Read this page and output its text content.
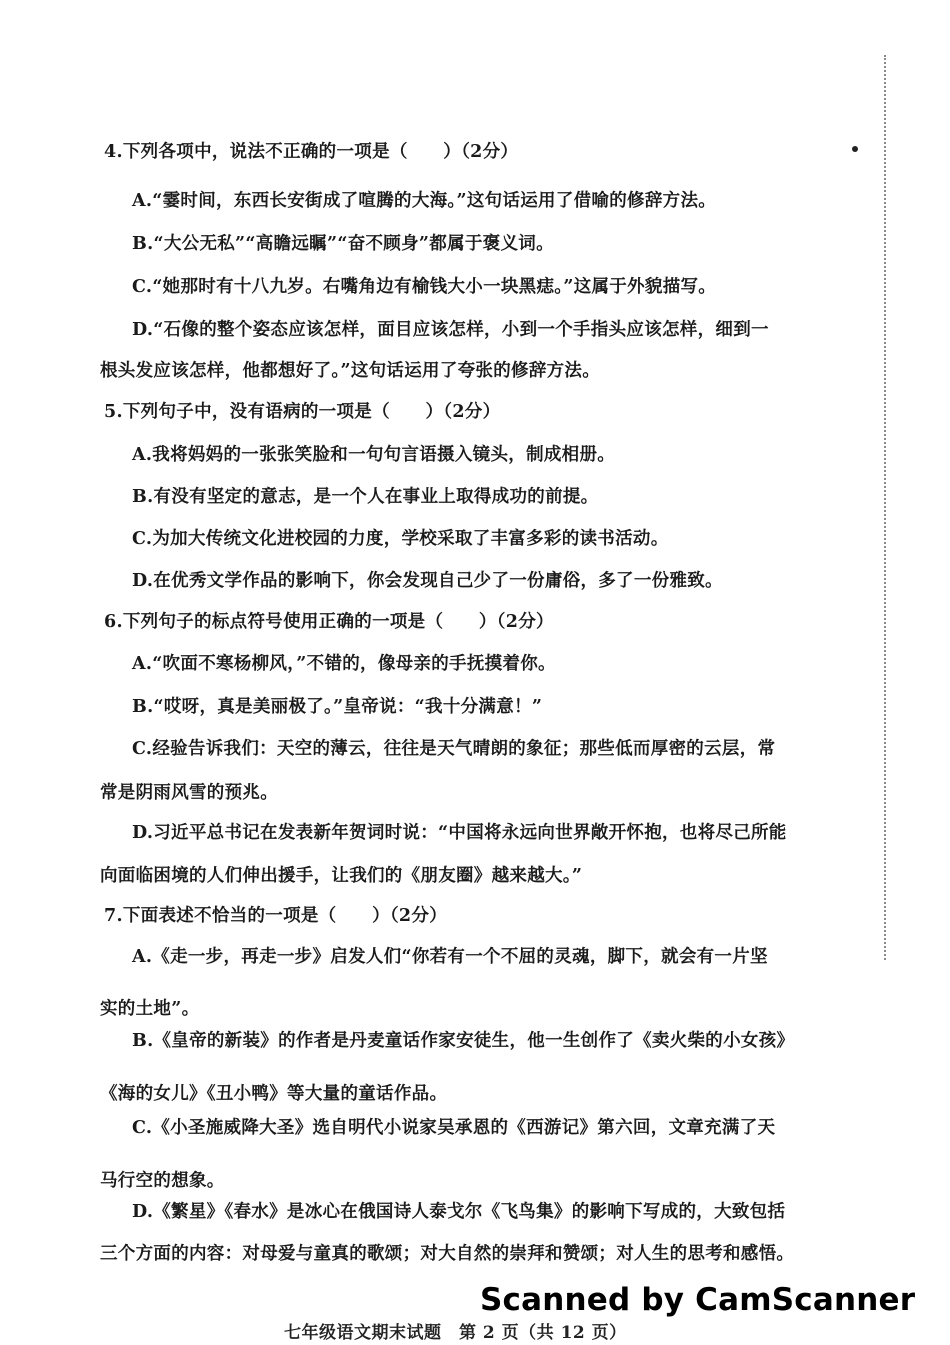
4.下列各项中，说法不正确的一项是（　　）（2分）
A.“霎时间，东西长安街成了喧腾的大海。”这句话运用了借喻的修辞方法。
B.“大公无私”“高瞻远瞩”“奋不顾身”都属于褒义词。
C.“她那时有十八九岁。右嘴角边有榆钱大小一块黑痣。”这属于外貌描写。
D.“石像的整个姿态应该怎样，面目应该怎样，小到一个手指头应该怎样，细到一
根头发应该怎样，他都想好了。”这句话运用了夸张的修辞方法。
5.下列句子中，没有语病的一项是（　　）（2分）
A.我将妈妈的一张张笑脸和一句句言语摄入镜头，制成相册。
B.有没有坚定的意志，是一个人在事业上取得成功的前提。
C.为加大传统文化进校园的力度，学校采取了丰富多彩的读书活动。
D.在优秀文学作品的影响下，你会发现自己少了一份庸俗，多了一份雅致。
6.下列句子的标点符号使用正确的一项是（　　）（2分）
A.“吹面不寒杨柳风，”不错的，像母亲的手抚摸着你。
B.“哎呀，真是美丽极了。”皇帝说：“我十分满意！”
C.经验告诉我们：天空的薄云，往往是天气晴朗的象征；那些低而厚密的云层，常
常是阴雨风雪的预兆。
D.习近平总书记在发表新年贺词时说：“中国将永远向世界敞开怀抱，也将尽己所能
向面临困境的人们伸出援手，让我们的《朋友圈》越来越大。”
7.下面表述不恰当的一项是（　　）（2分）
A.《走一步，再走一步》启发人们“你若有一个不屈的灵魂，脚下，就会有一片坚
实的土地”。
B.《皇帝的新装》的作者是丹麦童话作家安徒生，他一生创作了《卖火柴的小女孩》
《海的女儿》《丑小鸭》等大量的童话作品。
C.《小圣施威降大圣》选自明代小说家吴承恩的《西游记》第六回，文章充满了天
马行空的想象。
D.《繁星》《春水》是冰心在俄国诗人泰戈尔《飞鸟集》的影响下写成的，大致包括
三个方面的内容：对母爱与童真的歌颂；对大自然的崇拜和赞颂；对人生的思考和感悟。
七年级语文期末试题　第 2 页（共 12 页）
Scanned by CamScanner
